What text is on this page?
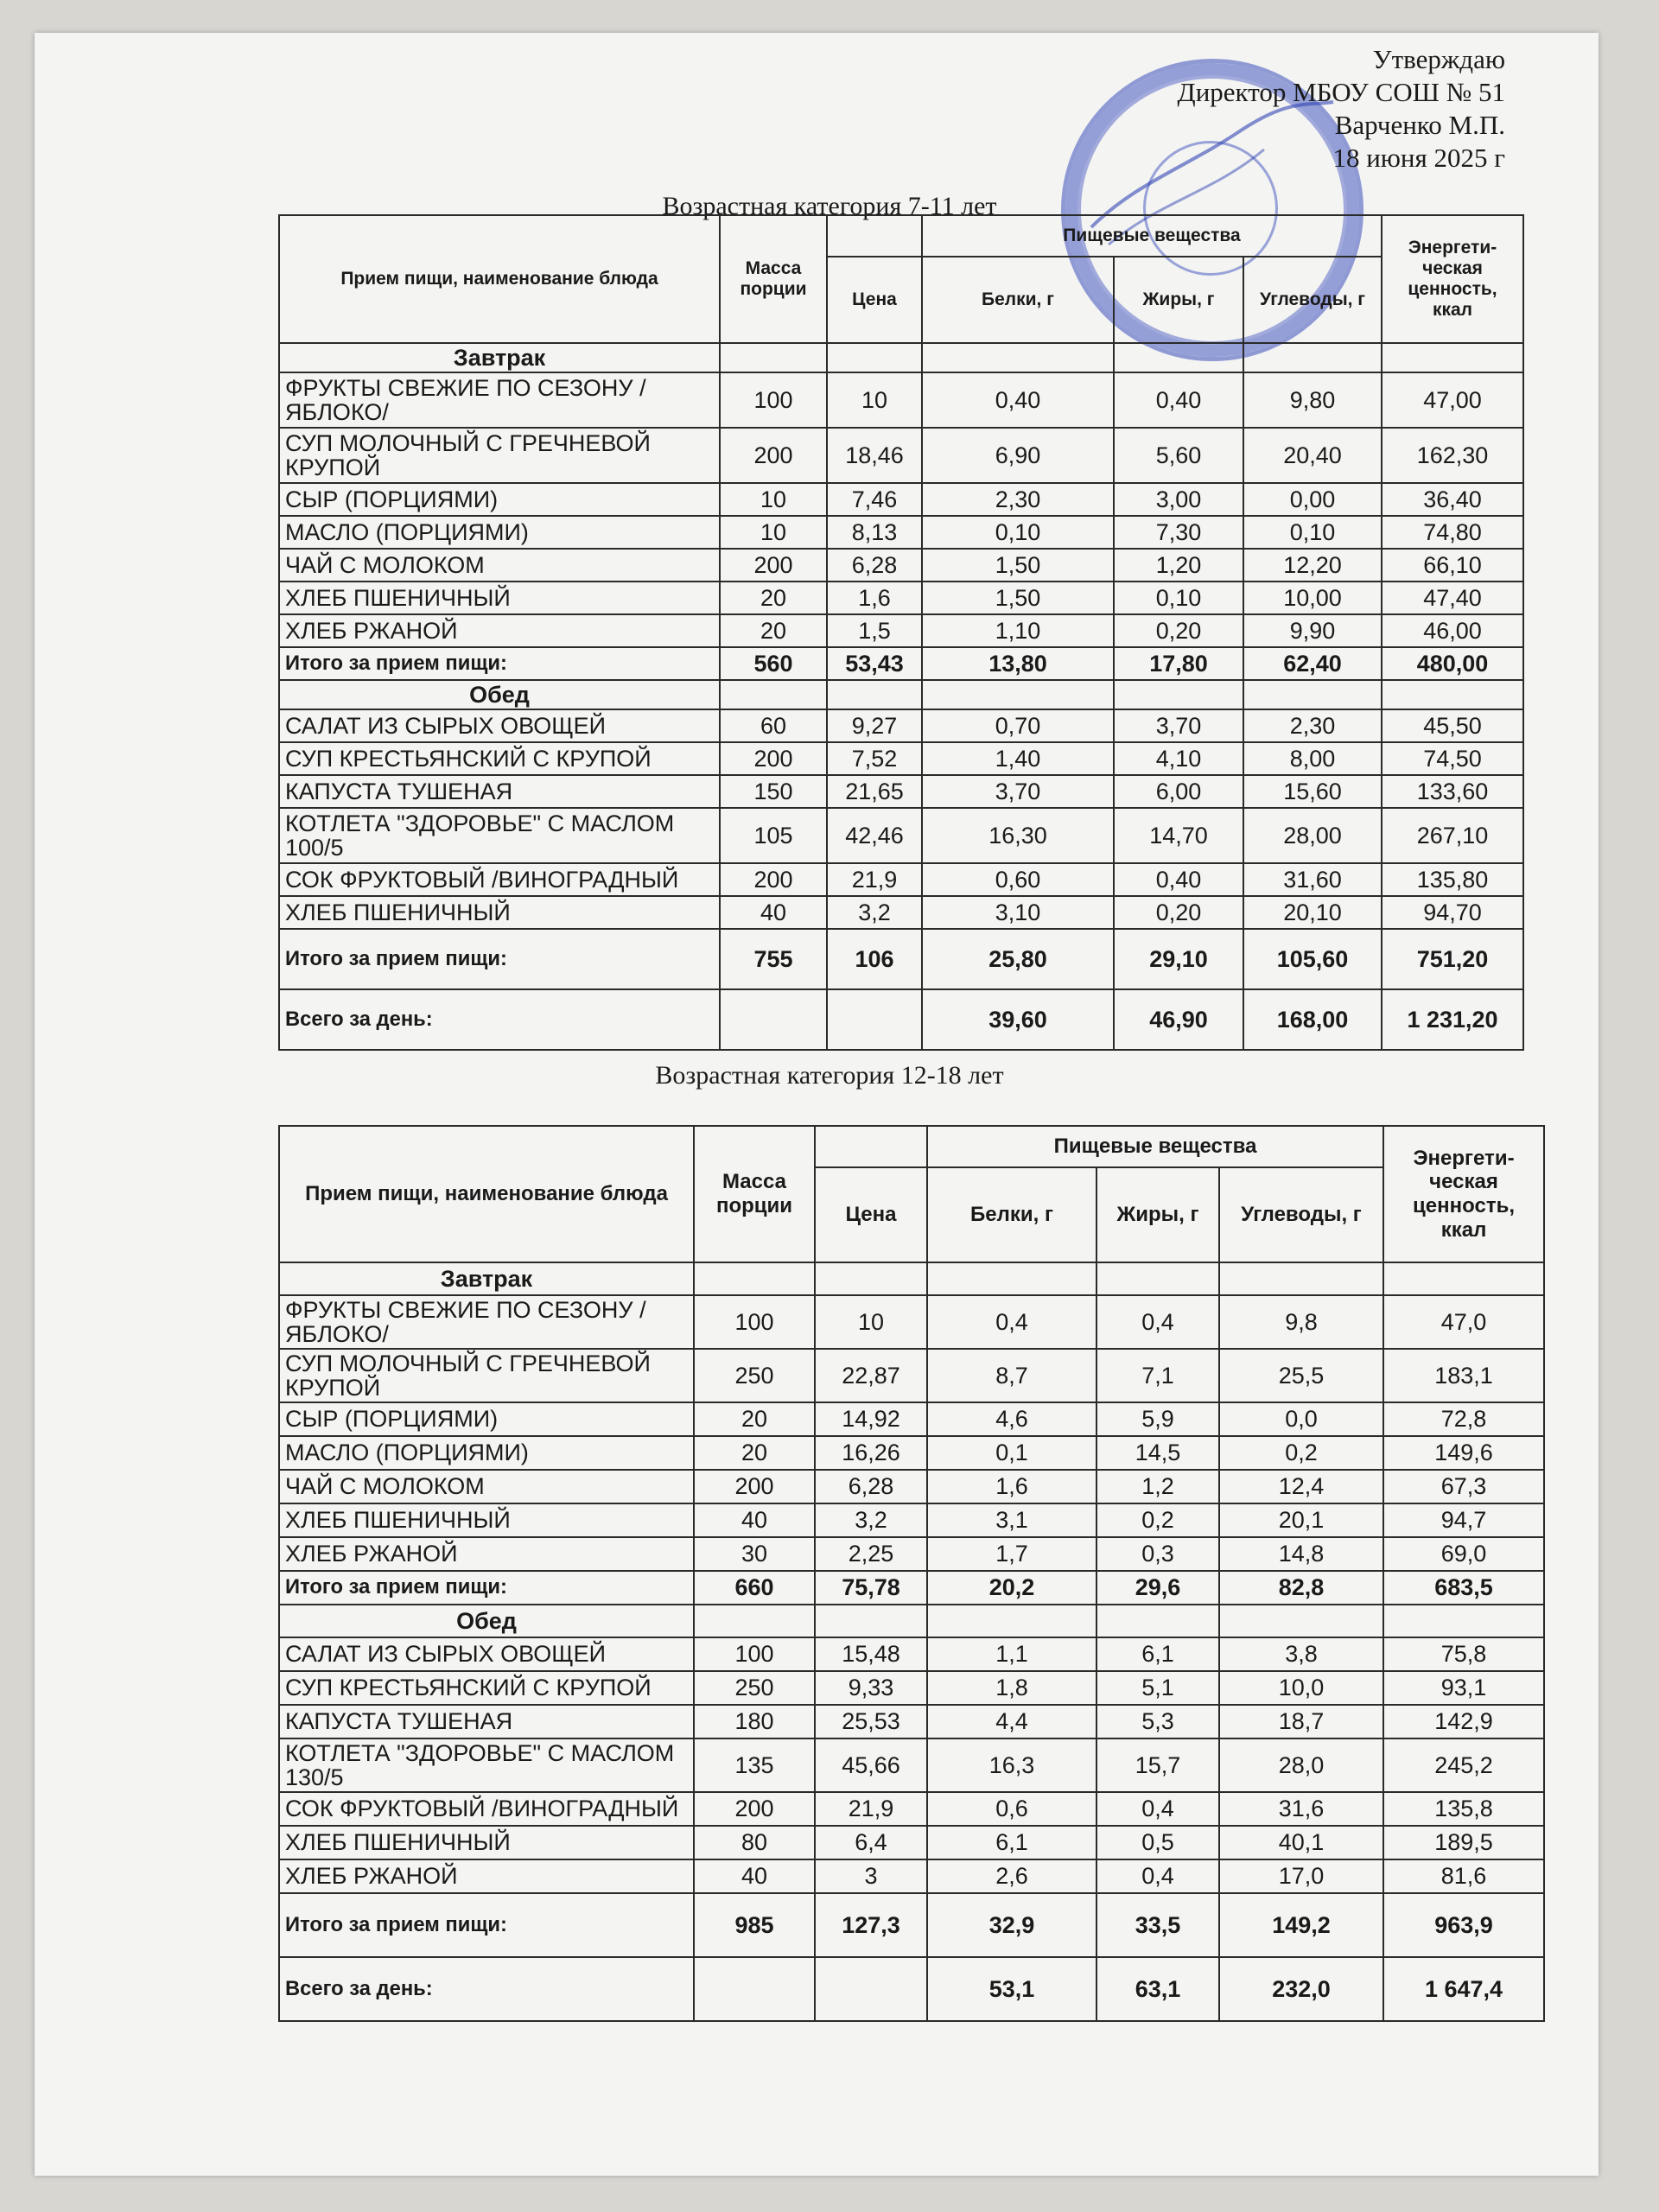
Утверждаю
Директор МБОУ СОШ № 51
Варченко М.П.
18 июня 2025 г
Возрастная категория 7-11 лет
Возрастная категория 12-18 лет
Прием пищи, наименование блюда	Масса порции		Пищевые вещества			Энергети-ческая ценность, ккал
		Цена	Белки, г	Жиры, г	Углеводы, г	
Завтрак						
ФРУКТЫ СВЕЖИЕ ПО СЕЗОНУ /ЯБЛОКО/	100	10	0,40	0,40	9,80	47,00
СУП МОЛОЧНЫЙ С ГРЕЧНЕВОЙ КРУПОЙ	200	18,46	6,90	5,60	20,40	162,30
СЫР (ПОРЦИЯМИ)	10	7,46	2,30	3,00	0,00	36,40
МАСЛО (ПОРЦИЯМИ)	10	8,13	0,10	7,30	0,10	74,80
ЧАЙ С МОЛОКОМ	200	6,28	1,50	1,20	12,20	66,10
ХЛЕБ ПШЕНИЧНЫЙ	20	1,6	1,50	0,10	10,00	47,40
ХЛЕБ РЖАНОЙ	20	1,5	1,10	0,20	9,90	46,00
Итого за прием пищи:	560	53,43	13,80	17,80	62,40	480,00
Обед						
САЛАТ ИЗ СЫРЫХ ОВОЩЕЙ	60	9,27	0,70	3,70	2,30	45,50
СУП КРЕСТЬЯНСКИЙ С КРУПОЙ	200	7,52	1,40	4,10	8,00	74,50
КАПУСТА ТУШЕНАЯ	150	21,65	3,70	6,00	15,60	133,60
КОТЛЕТА "ЗДОРОВЬЕ" С МАСЛОМ 100/5	105	42,46	16,30	14,70	28,00	267,10
СОК ФРУКТОВЫЙ /ВИНОГРАДНЫЙ	200	21,9	0,60	0,40	31,60	135,80
ХЛЕБ ПШЕНИЧНЫЙ	40	3,2	3,10	0,20	20,10	94,70
Итого за прием пищи:	755	106	25,80	29,10	105,60	751,20
Всего за день:			39,60	46,90	168,00	1 231,20
Прием пищи, наименование блюда	Масса порции		Пищевые вещества			Энергети-ческая ценность, ккал
		Цена	Белки, г	Жиры, г	Углеводы, г	
Завтрак						
ФРУКТЫ СВЕЖИЕ ПО СЕЗОНУ /ЯБЛОКО/	100	10	0,4	0,4	9,8	47,0
СУП МОЛОЧНЫЙ С ГРЕЧНЕВОЙ КРУПОЙ	250	22,87	8,7	7,1	25,5	183,1
СЫР (ПОРЦИЯМИ)	20	14,92	4,6	5,9	0,0	72,8
МАСЛО (ПОРЦИЯМИ)	20	16,26	0,1	14,5	0,2	149,6
ЧАЙ С МОЛОКОМ	200	6,28	1,6	1,2	12,4	67,3
ХЛЕБ ПШЕНИЧНЫЙ	40	3,2	3,1	0,2	20,1	94,7
ХЛЕБ РЖАНОЙ	30	2,25	1,7	0,3	14,8	69,0
Итого за прием пищи:	660	75,78	20,2	29,6	82,8	683,5
Обед						
САЛАТ ИЗ СЫРЫХ ОВОЩЕЙ	100	15,48	1,1	6,1	3,8	75,8
СУП КРЕСТЬЯНСКИЙ С КРУПОЙ	250	9,33	1,8	5,1	10,0	93,1
КАПУСТА ТУШЕНАЯ	180	25,53	4,4	5,3	18,7	142,9
КОТЛЕТА "ЗДОРОВЬЕ" С МАСЛОМ 130/5	135	45,66	16,3	15,7	28,0	245,2
СОК ФРУКТОВЫЙ /ВИНОГРАДНЫЙ	200	21,9	0,6	0,4	31,6	135,8
ХЛЕБ ПШЕНИЧНЫЙ	80	6,4	6,1	0,5	40,1	189,5
ХЛЕБ РЖАНОЙ	40	3	2,6	0,4	17,0	81,6
Итого за прием пищи:	985	127,3	32,9	33,5	149,2	963,9
Всего за день:			53,1	63,1	232,0	1 647,4
